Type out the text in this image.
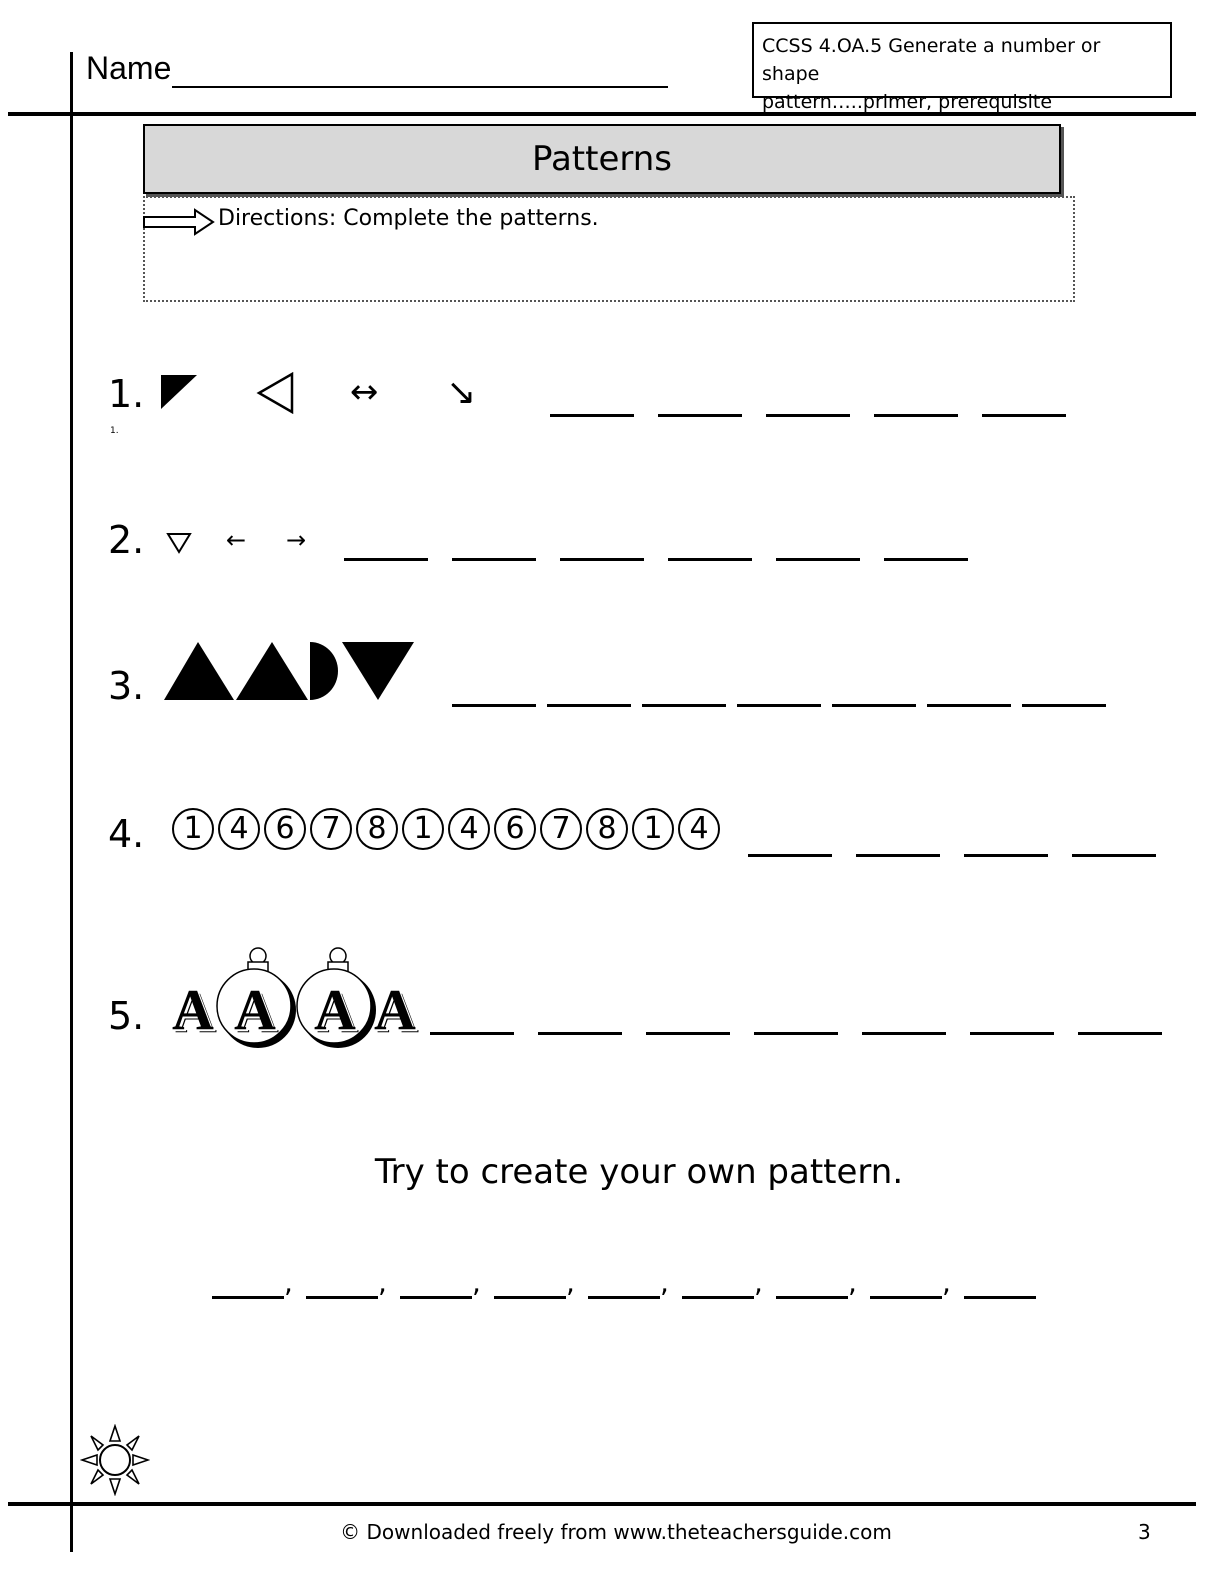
Name
CCSS 4.OA.5 Generate a number or shape
pattern…..primer, prerequisite
Patterns
Directions: Complete the patterns.
1.
1.
↔ ↘
2.	← →
3.
4.	1 4 6 7 8 1 4 6 7 8 1 4
5. A A A A
Try to create your own pattern.
,	,	,	,	,	,	,	,
© Downloaded freely from www.theteachersguide.com	3
